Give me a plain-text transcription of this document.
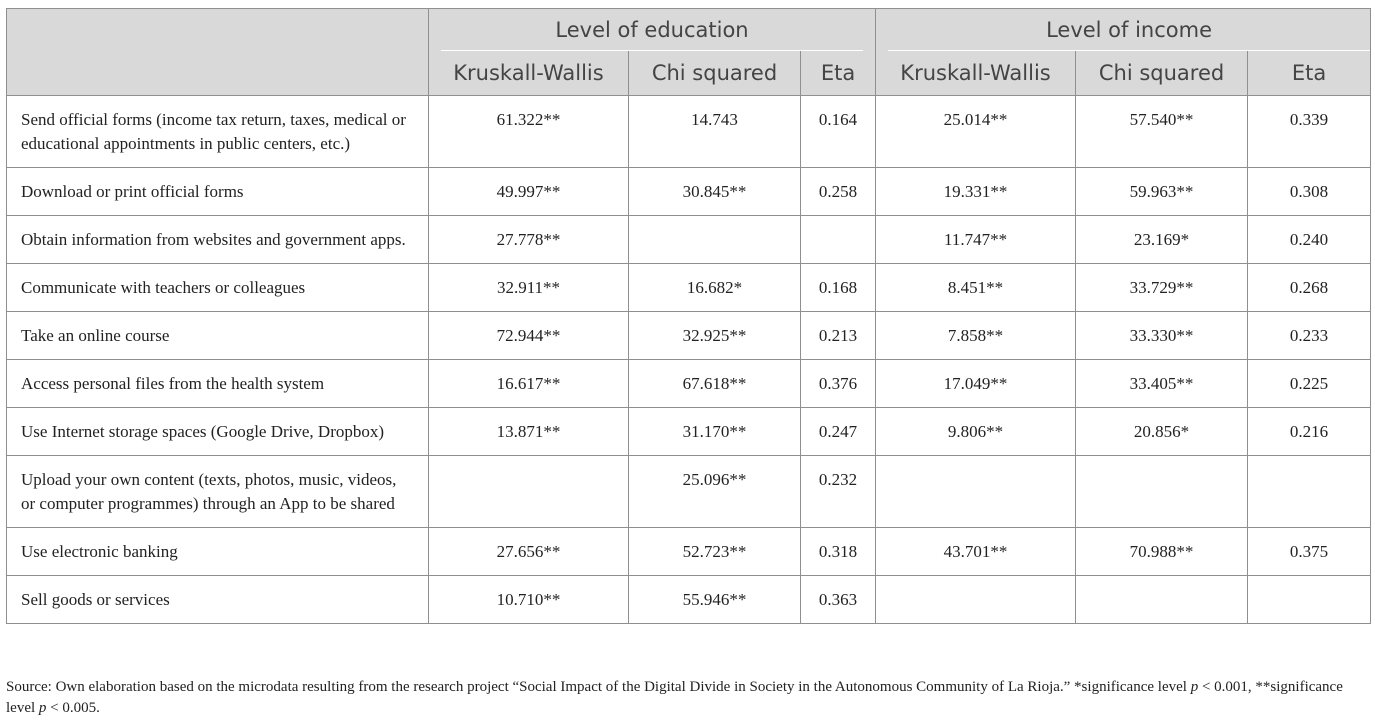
	Level of education			Level of income		

	Kruskall-Wallis	Chi squared	Eta	Kruskall-Wallis	Chi squared	Eta
Send official forms (income tax return, taxes, medical or educational appointments in public centers, etc.)	61.322**	14.743	0.164	25.014**	57.540**	0.339
Download or print official forms	49.997**	30.845**	0.258	19.331**	59.963**	0.308
Obtain information from websites and government apps.	27.778**			11.747**	23.169*	0.240
Communicate with teachers or colleagues	32.911**	16.682*	0.168	8.451**	33.729**	0.268
Take an online course	72.944**	32.925**	0.213	7.858**	33.330**	0.233
Access personal files from the health system	16.617**	67.618**	0.376	17.049**	33.405**	0.225
Use Internet storage spaces (Google Drive, Dropbox)	13.871**	31.170**	0.247	9.806**	20.856*	0.216
Upload your own content (texts, photos, music, videos, or computer programmes) through an App to be shared		25.096**	0.232			
Use electronic banking	27.656**	52.723**	0.318	43.701**	70.988**	0.375
Sell goods or services	10.710**	55.946**	0.363			
Source: Own elaboration based on the microdata resulting from the research project “Social Impact of the Digital Divide in Society in the Autonomous Community of La Rioja.” *significance level p < 0.001, **significance level p < 0.005.
